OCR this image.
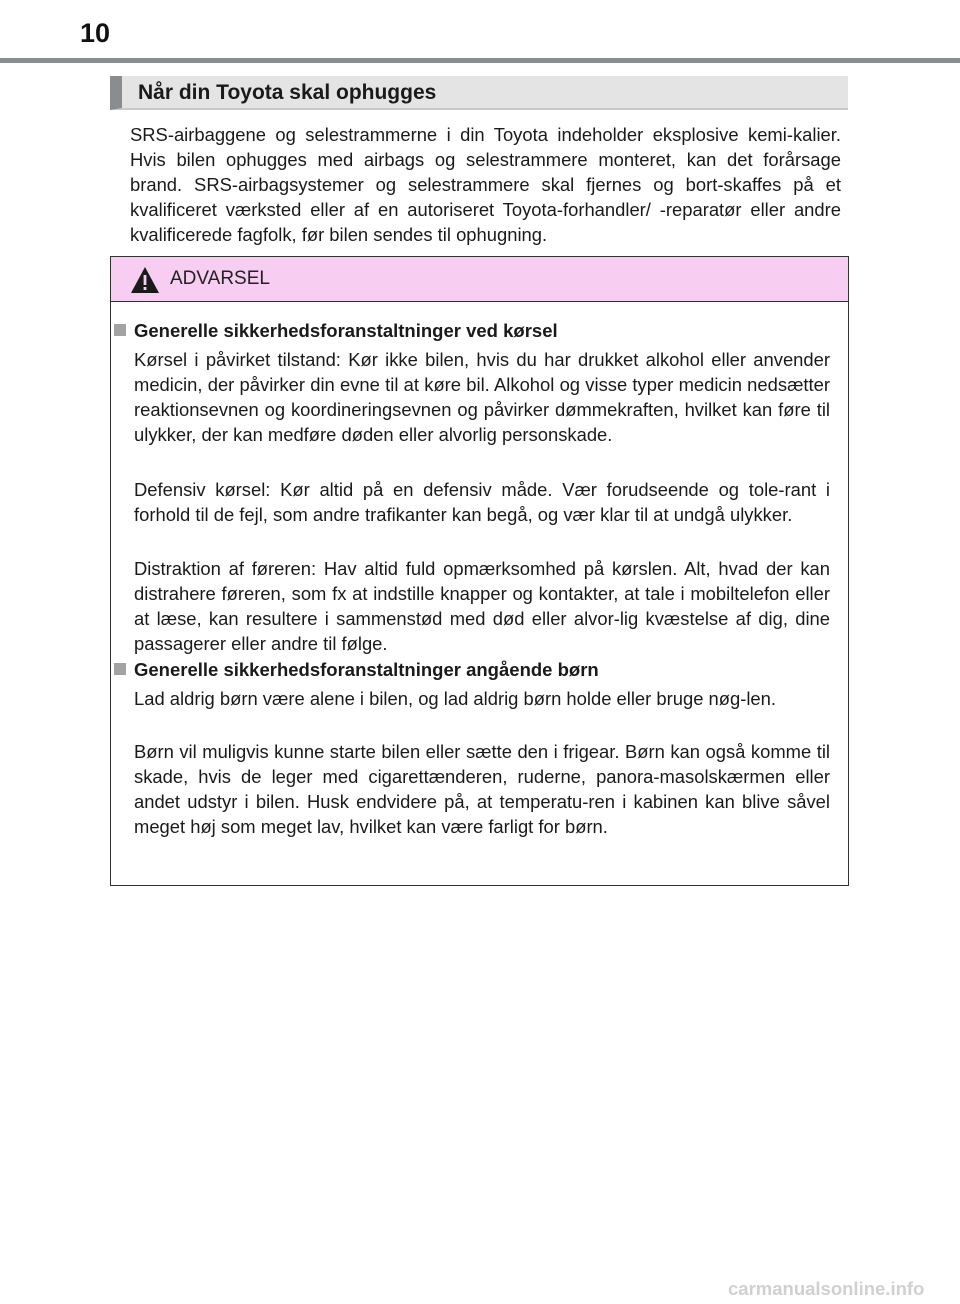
10
Når din Toyota skal ophugges
SRS-airbaggene og selestrammerne i din Toyota indeholder eksplosive kemi-kalier. Hvis bilen ophugges med airbags og selestrammere monteret, kan det forårsage brand. SRS-airbagsystemer og selestrammere skal fjernes og bort-skaffes på et kvalificeret værksted eller af en autoriseret Toyota-forhandler/ -reparatør eller andre kvalificerede fagfolk, før bilen sendes til ophugning.
ADVARSEL
Generelle sikkerhedsforanstaltninger ved kørsel
Kørsel i påvirket tilstand: Kør ikke bilen, hvis du har drukket alkohol eller anvender medicin, der påvirker din evne til at køre bil. Alkohol og visse typer medicin nedsætter reaktionsevnen og koordineringsevnen og påvirker dømmekraften, hvilket kan føre til ulykker, der kan medføre døden eller alvorlig personskade.
Defensiv kørsel: Kør altid på en defensiv måde. Vær forudseende og tole-rant i forhold til de fejl, som andre trafikanter kan begå, og vær klar til at undgå ulykker.
Distraktion af føreren: Hav altid fuld opmærksomhed på kørslen. Alt, hvad der kan distrahere føreren, som fx at indstille knapper og kontakter, at tale i mobiltelefon eller at læse, kan resultere i sammenstød med død eller alvor-lig kvæstelse af dig, dine passagerer eller andre til følge.
Generelle sikkerhedsforanstaltninger angående børn
Lad aldrig børn være alene i bilen, og lad aldrig børn holde eller bruge nøg-len.
Børn vil muligvis kunne starte bilen eller sætte den i frigear. Børn kan også komme til skade, hvis de leger med cigarettænderen, ruderne, panora-masolskærmen eller andet udstyr i bilen. Husk endvidere på, at temperatu-ren i kabinen kan blive såvel meget høj som meget lav, hvilket kan være farligt for børn.
carmanualsonline.info
